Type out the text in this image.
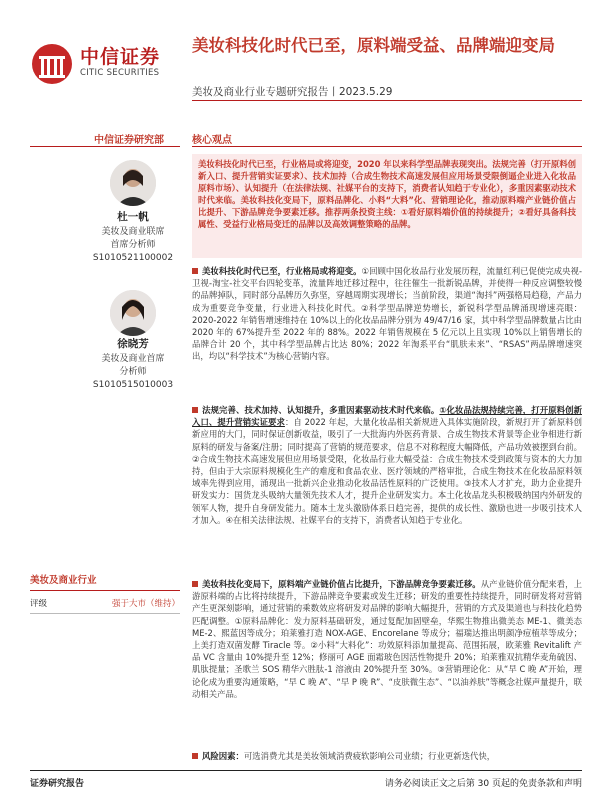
中信证券
CITIC SECURITIES
美妆科技化时代已至，原料端受益、品牌端迎变局
美妆及商业行业专题研究报告丨2023.5.29
中信证券研究部
杜一帆
美妆及商业联席
首席分析师
S1010521100002
徐晓芳
美妆及商业首席
分析师
S1010515010003
美妆及商业行业
评级	强于大市（维持）
核心观点

美妆科技化时代已至，行业格局或将迎变，2020 年以来科学型品牌表现突出。法规完善（打开原料创新入口、提升营销实证要求）、技术加持（合成生物技术高速发展但应用场景受限倒逼企业进入化妆品原料市场）、认知提升（在法律法规、社媒平台的支持下，消费者认知趋于专业化），多重因素驱动技术时代来临。美妆科技化变局下，原料品牌化、小料“大料”化、营销理论化，推动原料端产业链价值占比提升、下游品牌竞争要素迁移。推荐两条投资主线：①看好原料端价值的持续提升；②看好具备科技属性、受益行业格局变迁的品牌以及高效调整策略的品牌。

美妆科技化时代已至，行业格局或将迎变。①回顾中国化妆品行业发展历程，流量红利已促使完成央视-卫视-淘宝-社交平台四轮变革，流量阵地迁移过程中，往往催生一批新锐品牌，并使得一种反应调整较慢的品牌掉队，同时部分品牌历久弥坚，穿越周期实现增长；当前阶段，渠道“淘抖”两强格局趋稳，产品力成为重要竞争变量，行业进入科技化时代。②科学型品牌逆势增长，新锐科学型品牌涌现增速亮眼：2020-2022 年销售增速维持在 10%以上的化妆品品牌分别为 49/47/16 家，其中科学型品牌数量占比由 2020 年的 67%提升至 2022 年的 88%。2022 年销售规模在 5 亿元以上且实现 10%以上销售增长的品牌合计 20 个，其中科学型品牌占比达 80%；2022 年淘系平台“肌肤未来”、“RSAS”两品牌增速突出，均以“科学技术”为核心营销内容。
法规完善、技术加持、认知提升，多重因素驱动技术时代来临。①化妆品法规持续完善，打开原料创新入口、提升营销实证要求：自 2022 年起，大量化妆品相关新规进入具体实施阶段，新规打开了新原料创新应用的大门，同时保证创新收益，吸引了一大批海内外医药背景、合成生物技术背景等企业争相进行新原料的研发与备案/注册；同时提高了营销的规范要求，信息不对称程度大幅降低，产品功效被摆到台前。②合成生物技术高速发展但应用场景受限，化妆品行业大幅受益：合成生物技术受到政策与资本的大力加持，但由于大宗原料规模化生产的难度和食品农业、医疗领域的严格审批，合成生物技术在化妆品原料领域率先得到应用，涌现出一批新兴企业推动化妆品活性原料的广泛使用。③技术人才扩充，助力企业提升研发实力：国货龙头吸纳大量领先技术人才，提升企业研发实力。本土化妆品龙头积极吸纳国内外研发的领军人物，提升自身研发能力。随本土龙头激励体系日趋完善，提供的成长性、激励也进一步吸引技术人才加入。④在相关法律法规、社媒平台的支持下，消费者认知趋于专业化。
美妆科技化变局下，原料端产业链价值占比提升，下游品牌竞争要素迁移。从产业链价值分配来看，上游原料端的占比将持续提升，下游品牌竞争要素或发生迁移；研发的重要性持续提升，同时研发将对营销产生更深刻影响，通过营销的乘数效应将研发对品牌的影响大幅提升，营销的方式及渠道也与科技化趋势匹配调整。①原料品牌化：发力原料基础研发，通过复配加固壁垒，华熙生物推出微美态 ME-1、微美态 ME-2、熙蓝因等成分；珀莱雅打造 NOX-AGE、Encorelane 等成分；福瑞达推出明颜净痘植萃等成分；上美打造双菌发酵 Tiracle 等。②小料“大料化”：功效原料添加量提高、范围拓展，欧莱雅 Revitalift 产品 VC 含量由 10%提升至 12%；修丽可 AGE 面霜玻色因活性物提升 20%；珀莱雅双抗精华麦角硫因、肌肽提量；圣歌兰 SOS 精华六胜肽-1 溶液由 20%提升至 30%。③营销理论化：从“早 C 晚 A”开始，理论化成为重要沟通策略，“早 C 晚 A”、“早 P 晚 R”、“皮肤微生态”、“以油养肤”等概念社媒声量提升，联动相关产品。
风险因素：可选消费尤其是美妆领域消费疲软影响公司业绩；行业更新迭代快，
证券研究报告	请务必阅读正文之后第 30 页起的免责条款和声明
